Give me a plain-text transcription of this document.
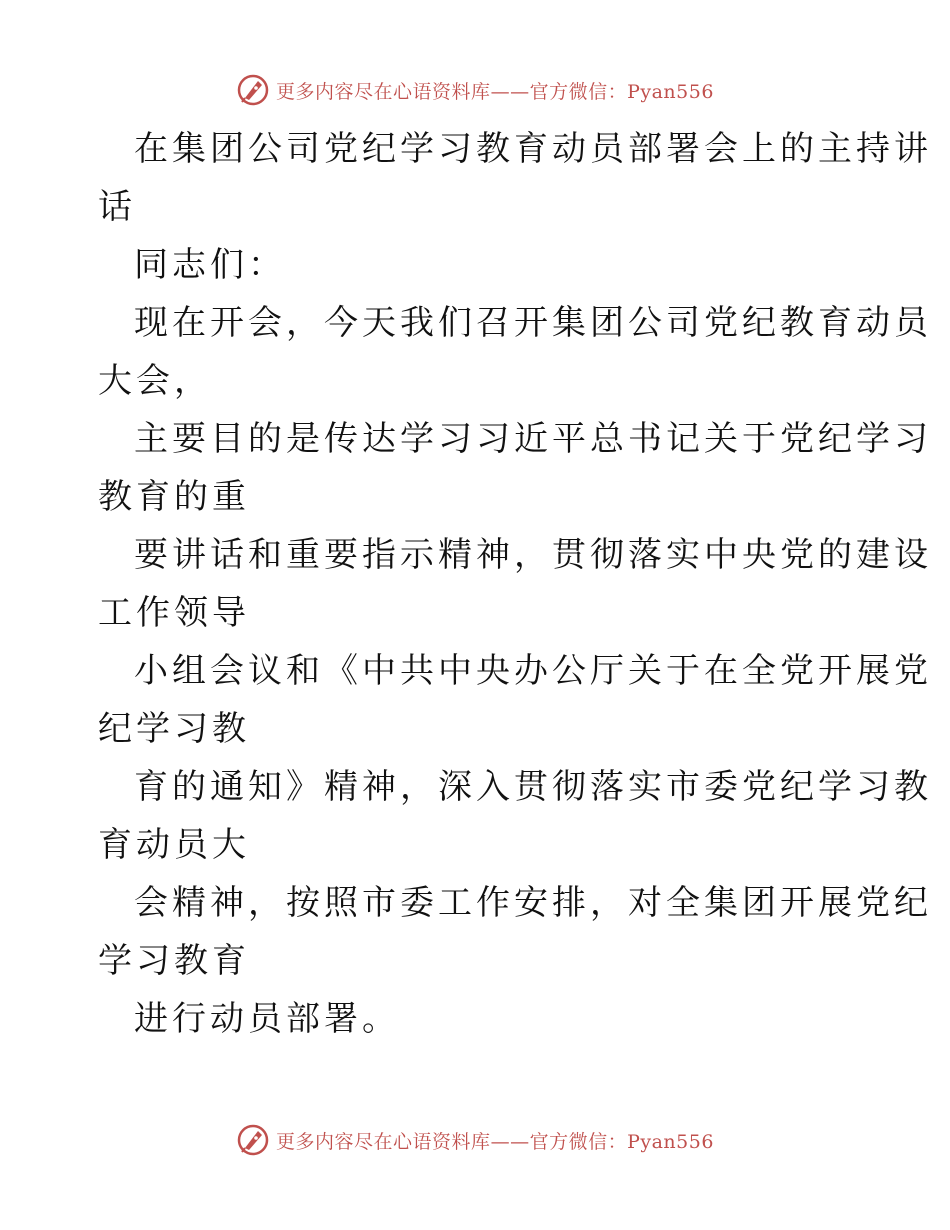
更多内容尽在心语资料库——官方微信：Pyan556

在集团公司党纪学习教育动员部署会上的主持讲

话

同志们：

现在开会，今天我们召开集团公司党纪教育动员

大会，

主要目的是传达学习习近平总书记关于党纪学习

教育的重

要讲话和重要指示精神，贯彻落实中央党的建设

工作领导

小组会议和《中共中央办公厅关于在全党开展党

纪学习教

育的通知》精神，深入贯彻落实市委党纪学习教

育动员大

会精神，按照市委工作安排，对全集团开展党纪

学习教育

进行动员部署。

更多内容尽在心语资料库——官方微信：Pyan556
